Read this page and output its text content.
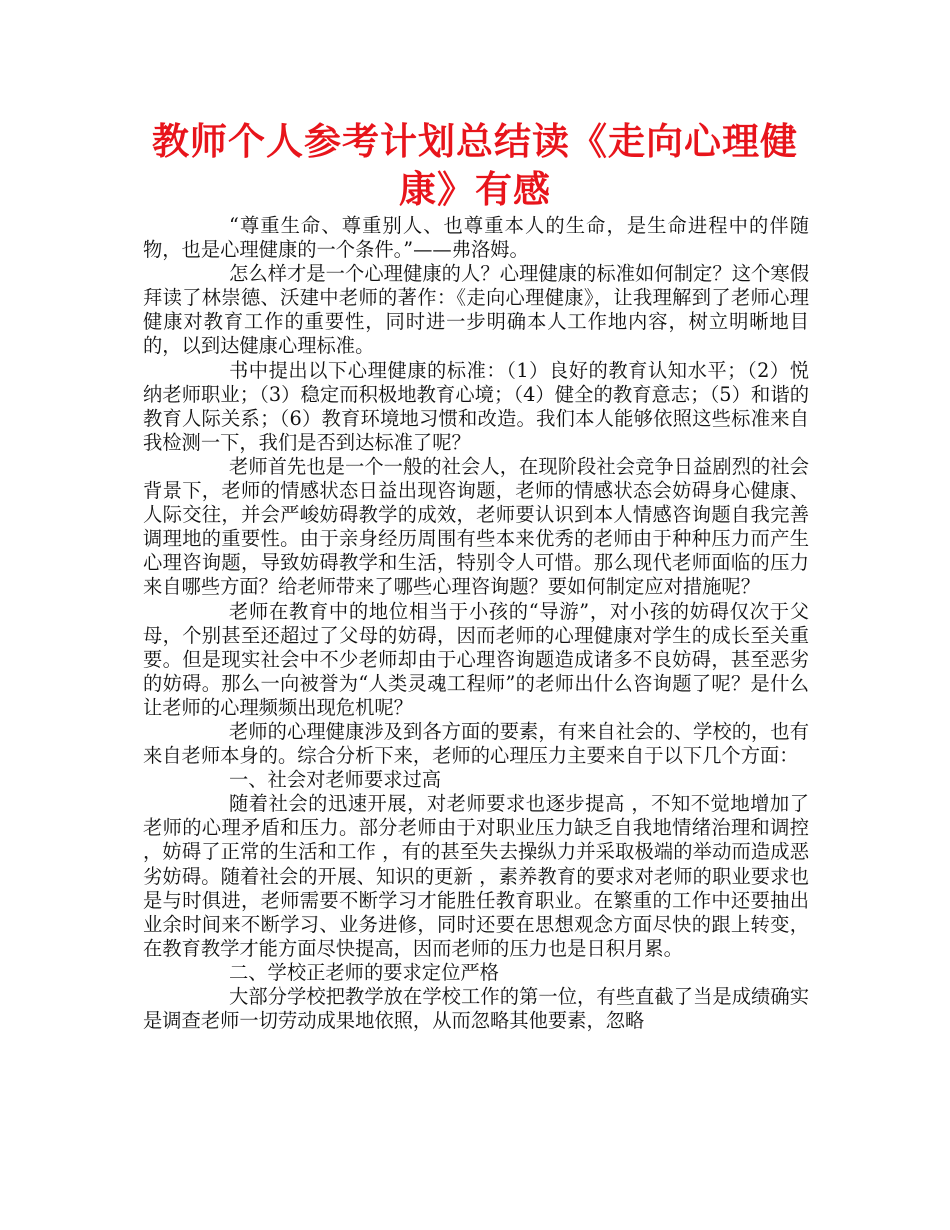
教师个人参考计划总结读《走向心理健康》有感

“尊重生命、尊重别人、也尊重本人的生命，是生命进程中的伴随物，也是心理健康的一个条件。”——弗洛姆。

怎么样才是一个心理健康的人？心理健康的标准如何制定？这个寒假拜读了林崇德、沃建中老师的著作：《走向心理健康》，让我理解到了老师心理健康对教育工作的重要性，同时进一步明确本人工作地内容，树立明晰地目的，以到达健康心理标准。

书中提出以下心理健康的标准：（1）良好的教育认知水平；（2）悦纳老师职业；（3）稳定而积极地教育心境；（4）健全的教育意志；（5）和谐的教育人际关系；（6）教育环境地习惯和改造。我们本人能够依照这些标准来自我检测一下，我们是否到达标准了呢？

老师首先也是一个一般的社会人，在现阶段社会竞争日益剧烈的社会背景下，老师的情感状态日益出现咨询题，老师的情感状态会妨碍身心健康、人际交往，并会严峻妨碍教学的成效，老师要认识到本人情感咨询题自我完善调理地的重要性。由于亲身经历周围有些本来优秀的老师由于种种压力而产生心理咨询题，导致妨碍教学和生活，特别令人可惜。那么现代老师面临的压力来自哪些方面？给老师带来了哪些心理咨询题？要如何制定应对措施呢？

老师在教育中的地位相当于小孩的“导游”，对小孩的妨碍仅次于父母，个别甚至还超过了父母的妨碍，因而老师的心理健康对学生的成长至关重要。但是现实社会中不少老师却由于心理咨询题造成诸多不良妨碍，甚至恶劣的妨碍。那么一向被誉为“人类灵魂工程师”的老师出什么咨询题了呢？是什么让老师的心理频频出现危机呢？

老师的心理健康涉及到各方面的要素，有来自社会的、学校的，也有来自老师本身的。综合分析下来，老师的心理压力主要来自于以下几个方面：

一、社会对老师要求过高

随着社会的迅速开展，对老师要求也逐步提高 ，不知不觉地增加了老师的心理矛盾和压力。部分老师由于对职业压力缺乏自我地情绪治理和调控 ，妨碍了正常的生活和工作 ，有的甚至失去操纵力并采取极端的举动而造成恶劣妨碍。随着社会的开展、知识的更新 ，素养教育的要求对老师的职业要求也是与时俱进，老师需要不断学习才能胜任教育职业。在繁重的工作中还要抽出业余时间来不断学习、业务进修，同时还要在思想观念方面尽快的跟上转变，在教育教学才能方面尽快提高，因而老师的压力也是日积月累。

二、学校正老师的要求定位严格

大部分学校把教学放在学校工作的第一位，有些直截了当是成绩确实是调查老师一切劳动成果地依照，从而忽略其他要素，忽略
